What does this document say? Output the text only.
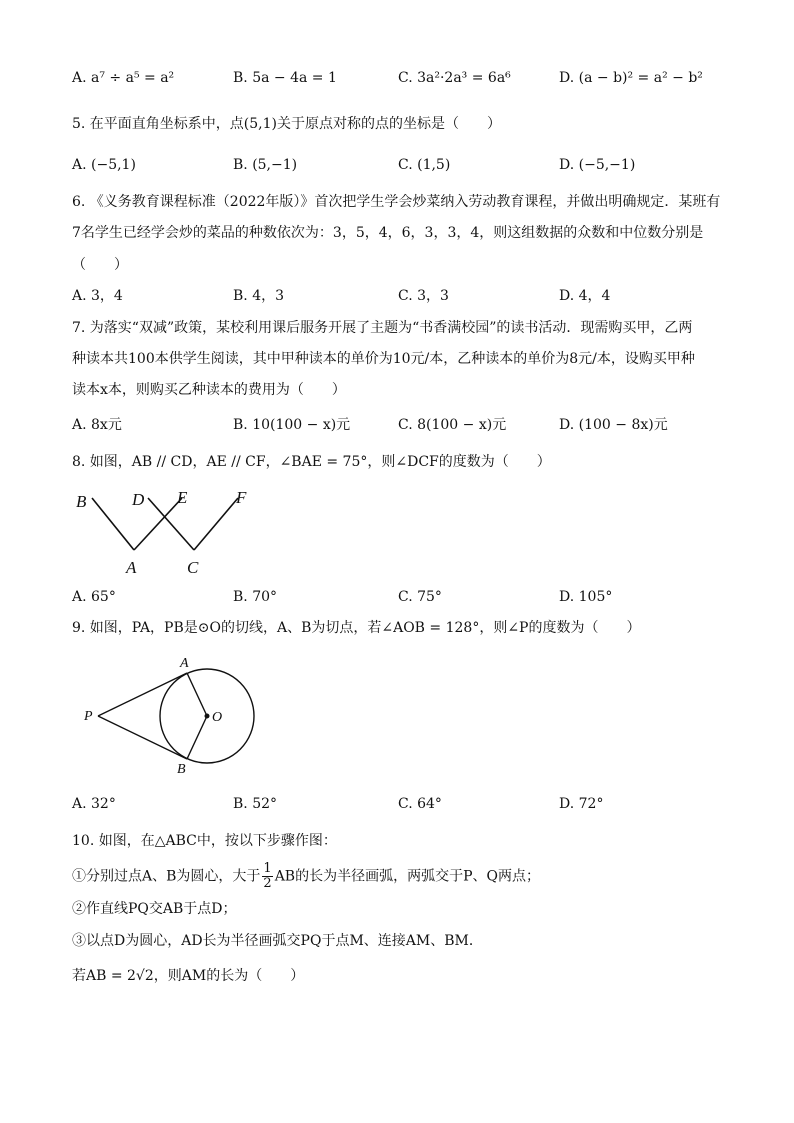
A. a⁷ ÷ a⁵ = a²	B. 5a − 4a = 1	C. 3a²·2a³ = 6a⁶	D. (a − b)² = a² − b²
5. 在平面直角坐标系中，点(5,1)关于原点对称的点的坐标是（　　）
A. (−5,1)	B. (5,−1)	C. (1,5)	D. (−5,−1)
6. 《义务教育课程标准（2022年版）》首次把学生学会炒菜纳入劳动教育课程，并做出明确规定．某班有
7名学生已经学会炒的菜品的种数依次为：3，5，4，6，3，3，4，则这组数据的众数和中位数分别是
（　　）
A. 3，4	B. 4，3	C. 3，3	D. 4，4
7. 为落实“双减”政策，某校利用课后服务开展了主题为“书香满校园”的读书活动．现需购买甲，乙两
种读本共100本供学生阅读，其中甲种读本的单价为10元/本，乙种读本的单价为8元/本，设购买甲种
读本x本，则购买乙种读本的费用为（　　）
A. 8x元	B. 10(100 − x)元	C. 8(100 − x)元	D. (100 − 8x)元
8. 如图，AB // CD，AE // CF，∠BAE = 75°，则∠DCF的度数为（　　）
B	D E	F
A	C
A. 65°	B. 70°	C. 75°	D. 105°
9. 如图，PA，PB是⊙O的切线，A、B为切点，若∠AOB = 128°，则∠P的度数为（　　）
A
P	O
B
A. 32°	B. 52°	C. 64°	D. 72°
10. 如图，在△ABC中，按以下步骤作图：
①分别过点A、B为圆心，大于 $\frac{1}{2}$ AB的长为半径画弧，两弧交于P、Q两点；
②作直线PQ交AB于点D；
③以点D为圆心，AD长为半径画弧交PQ于点M、连接AM、BM．
若AB = 2√2，则AM的长为（　　）
